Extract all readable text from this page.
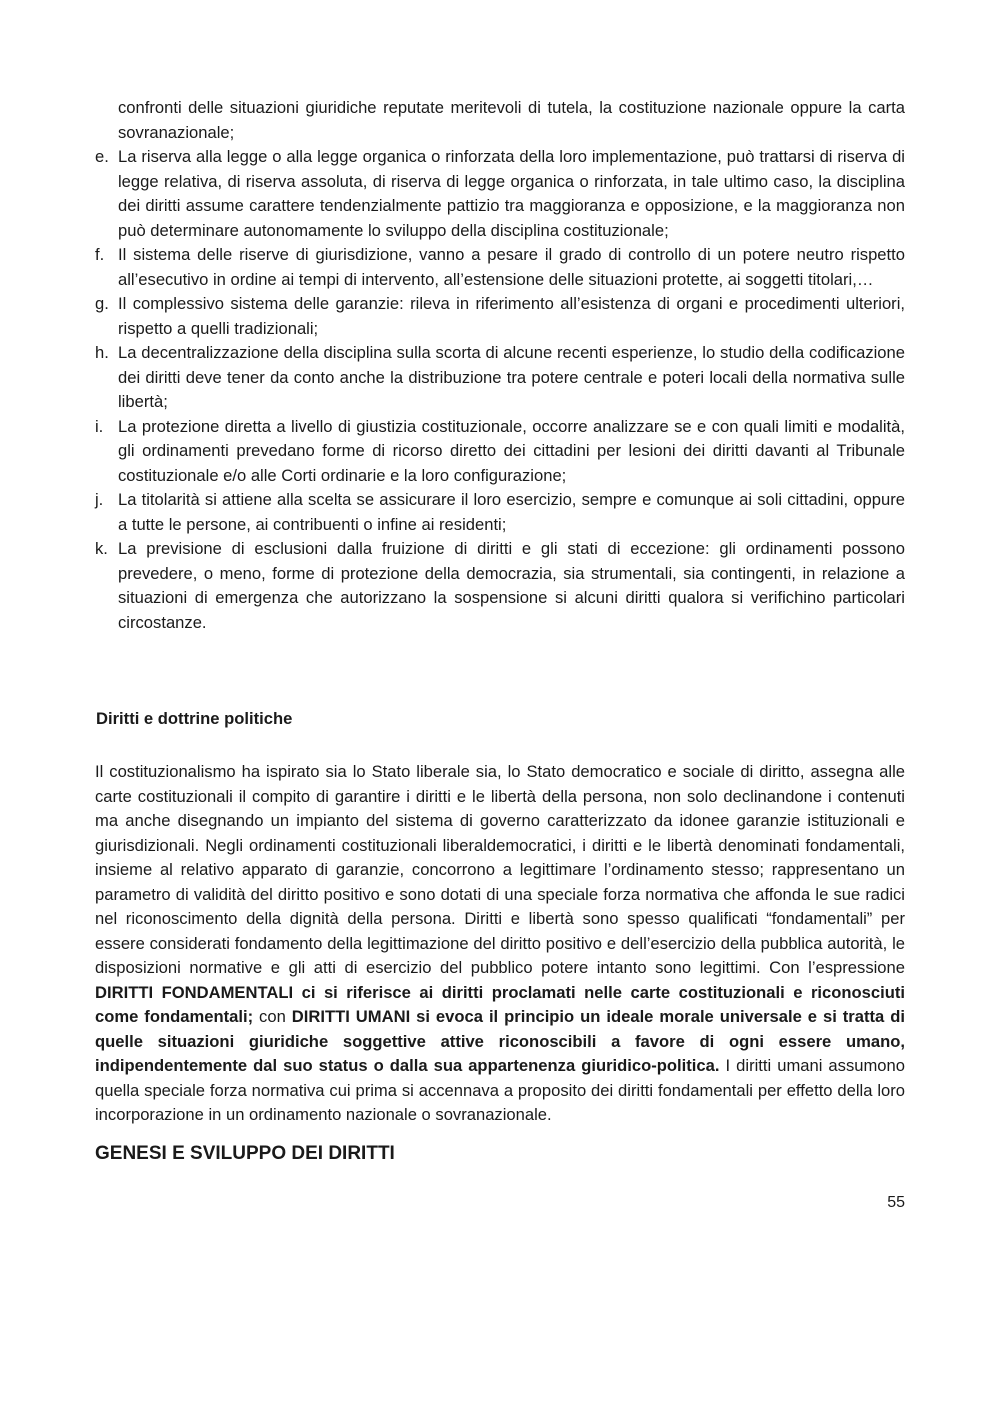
confronti delle situazioni giuridiche reputate meritevoli di tutela, la costituzione nazionale oppure la carta sovranazionale;
e. La riserva alla legge o alla legge organica o rinforzata della loro implementazione, può trattarsi di riserva di legge relativa, di riserva assoluta, di riserva di legge organica o rinforzata, in tale ultimo caso, la disciplina dei diritti assume carattere tendenzialmente pattizio tra maggioranza e opposizione, e la maggioranza non può determinare autonomamente lo sviluppo della disciplina costituzionale;
f. Il sistema delle riserve di giurisdizione, vanno a pesare il grado di controllo di un potere neutro rispetto all’esecutivo in ordine ai tempi di intervento, all’estensione delle situazioni protette, ai soggetti titolari,…
g. Il complessivo sistema delle garanzie: rileva in riferimento all’esistenza di organi e procedimenti ulteriori, rispetto a quelli tradizionali;
h. La decentralizzazione della disciplina sulla scorta di alcune recenti esperienze, lo studio della codificazione dei diritti deve tener da conto anche la distribuzione tra potere centrale e poteri locali della normativa sulle libertà;
i. La protezione diretta a livello di giustizia costituzionale, occorre analizzare se e con quali limiti e modalità, gli ordinamenti prevedano forme di ricorso diretto dei cittadini per lesioni dei diritti davanti al Tribunale costituzionale e/o alle Corti ordinarie e la loro configurazione;
j. La titolarità si attiene alla scelta se assicurare il loro esercizio, sempre e comunque ai soli cittadini, oppure a tutte le persone, ai contribuenti o infine ai residenti;
k. La previsione di esclusioni dalla fruizione di diritti e gli stati di eccezione: gli ordinamenti possono prevedere, o meno, forme di protezione della democrazia, sia strumentali, sia contingenti, in relazione a situazioni di emergenza che autorizzano la sospensione si alcuni diritti qualora si verifichino particolari circostanze.
Diritti e dottrine politiche

Il costituzionalismo ha ispirato sia lo Stato liberale sia, lo Stato democratico e sociale di diritto, assegna alle carte costituzionali il compito di garantire i diritti e le libertà della persona, non solo declinandone i contenuti ma anche disegnando un impianto del sistema di governo caratterizzato da idonee garanzie istituzionali e giurisdizionali. Negli ordinamenti costituzionali liberaldemocratici, i diritti e le libertà denominati fondamentali, insieme al relativo apparato di garanzie, concorrono a legittimare l’ordinamento stesso; rappresentano un parametro di validità del diritto positivo e sono dotati di una speciale forza normativa che affonda le sue radici nel riconoscimento della dignità della persona. Diritti e libertà sono spesso qualificati “fondamentali” per essere considerati fondamento della legittimazione del diritto positivo e dell’esercizio della pubblica autorità, le disposizioni normative e gli atti di esercizio del pubblico potere intanto sono legittimi. Con l’espressione DIRITTI FONDAMENTALI ci si riferisce ai diritti proclamati nelle carte costituzionali e riconosciuti come fondamentali; con DIRITTI UMANI si evoca il principio un ideale morale universale e si tratta di quelle situazioni giuridiche soggettive attive riconoscibili a favore di ogni essere umano, indipendentemente dal suo status o dalla sua appartenenza giuridico-politica. I diritti umani assumono quella speciale forza normativa cui prima si accennava a proposito dei diritti fondamentali per effetto della loro incorporazione in un ordinamento nazionale o sovranazionale.

GENESI E SVILUPPO DEI DIRITTI
55
